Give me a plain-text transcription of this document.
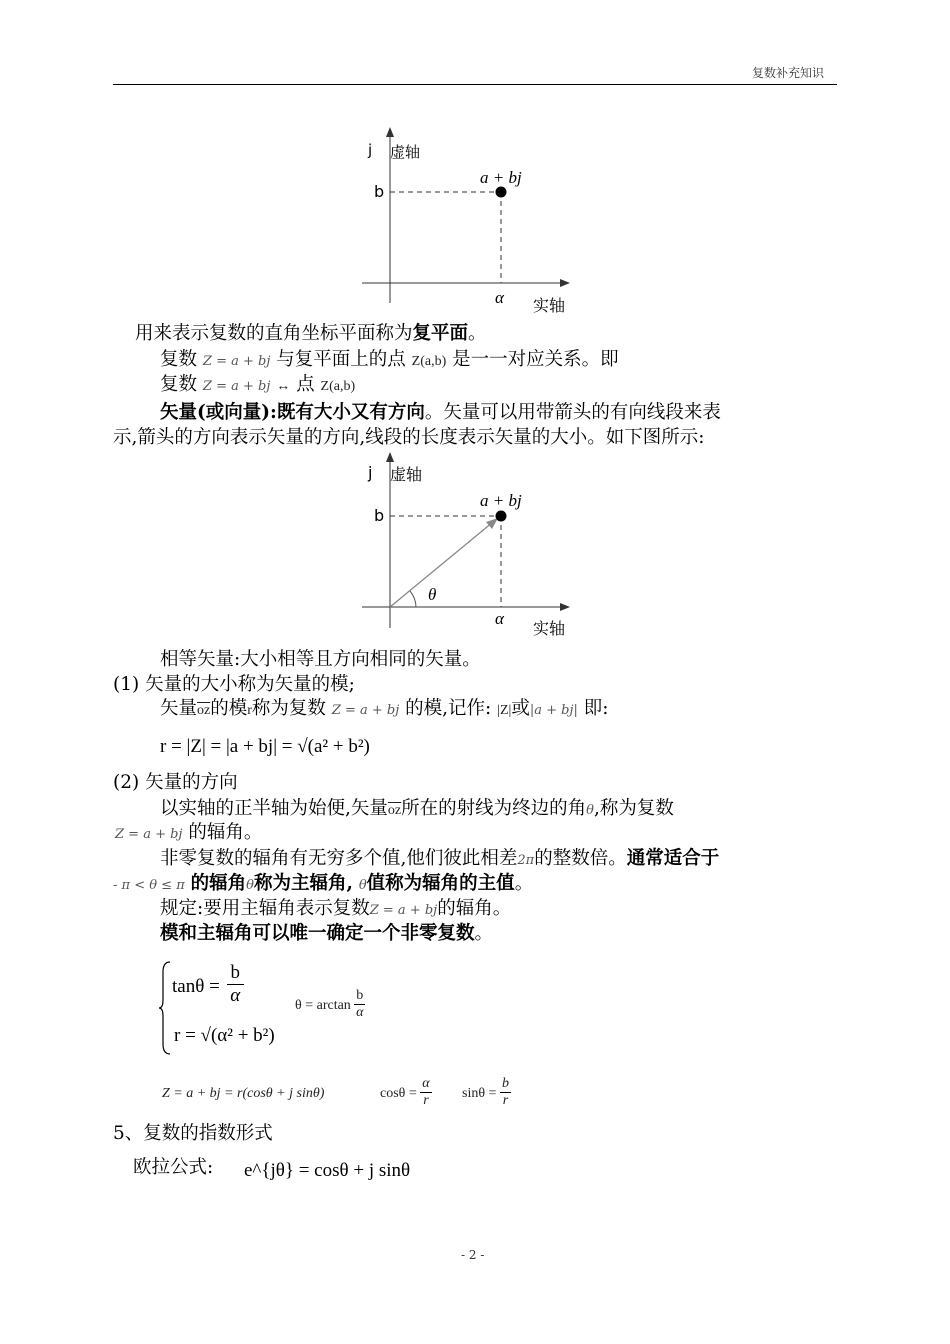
复数补充知识
j 虚轴
b
a + bj
α 实轴
用来表示复数的直角坐标平面称为复平面。
复数 Z = a + bj 与复平面上的点 Z(a,b) 是一一对应关系。即
复数 Z = a + bj ↔ 点 Z(a,b)
矢量(或向量):既有大小又有方向。矢量可以用带箭头的有向线段来表
示,箭头的方向表示矢量的方向,线段的长度表示矢量的大小。如下图所示:
j 虚轴
b
a + bj
θ
α
实轴
相等矢量:大小相等且方向相同的矢量。
(1) 矢量的大小称为矢量的模;
矢量$\overline{oz}$的模r称为复数 Z = a + bj 的模,记作: |Z|或|a + bj| 即:
r = |Z| = |a + bj| = √(a² + b²)
(2) 矢量的方向
以实轴的正半轴为始便,矢量$\overline{oz}$所在的射线为终边的角θ,称为复数
Z = a + bj 的辐角。
非零复数的辐角有无穷多个值,他们彼此相差2π的整数倍。通常适合于
- π < θ ≤ π 的辐角θ称为主辐角, θ值称为辐角的主值。
规定:要用主辐角表示复数Z = a + bj的辐角。
模和主辐角可以唯一确定一个非零复数。
$\tan\theta = \frac{b}{\alpha}$
r = √(α² + b²)
$\theta = \arctan \frac{b}{\alpha}$
Z = a + bj = r(cosθ + j sinθ)	$\cos\theta = \frac{\alpha}{r}$ $\sin\theta = \frac{b}{r}$
5、复数的指数形式
欧拉公式: e^{jθ} = cosθ + j sinθ
- 2 -
